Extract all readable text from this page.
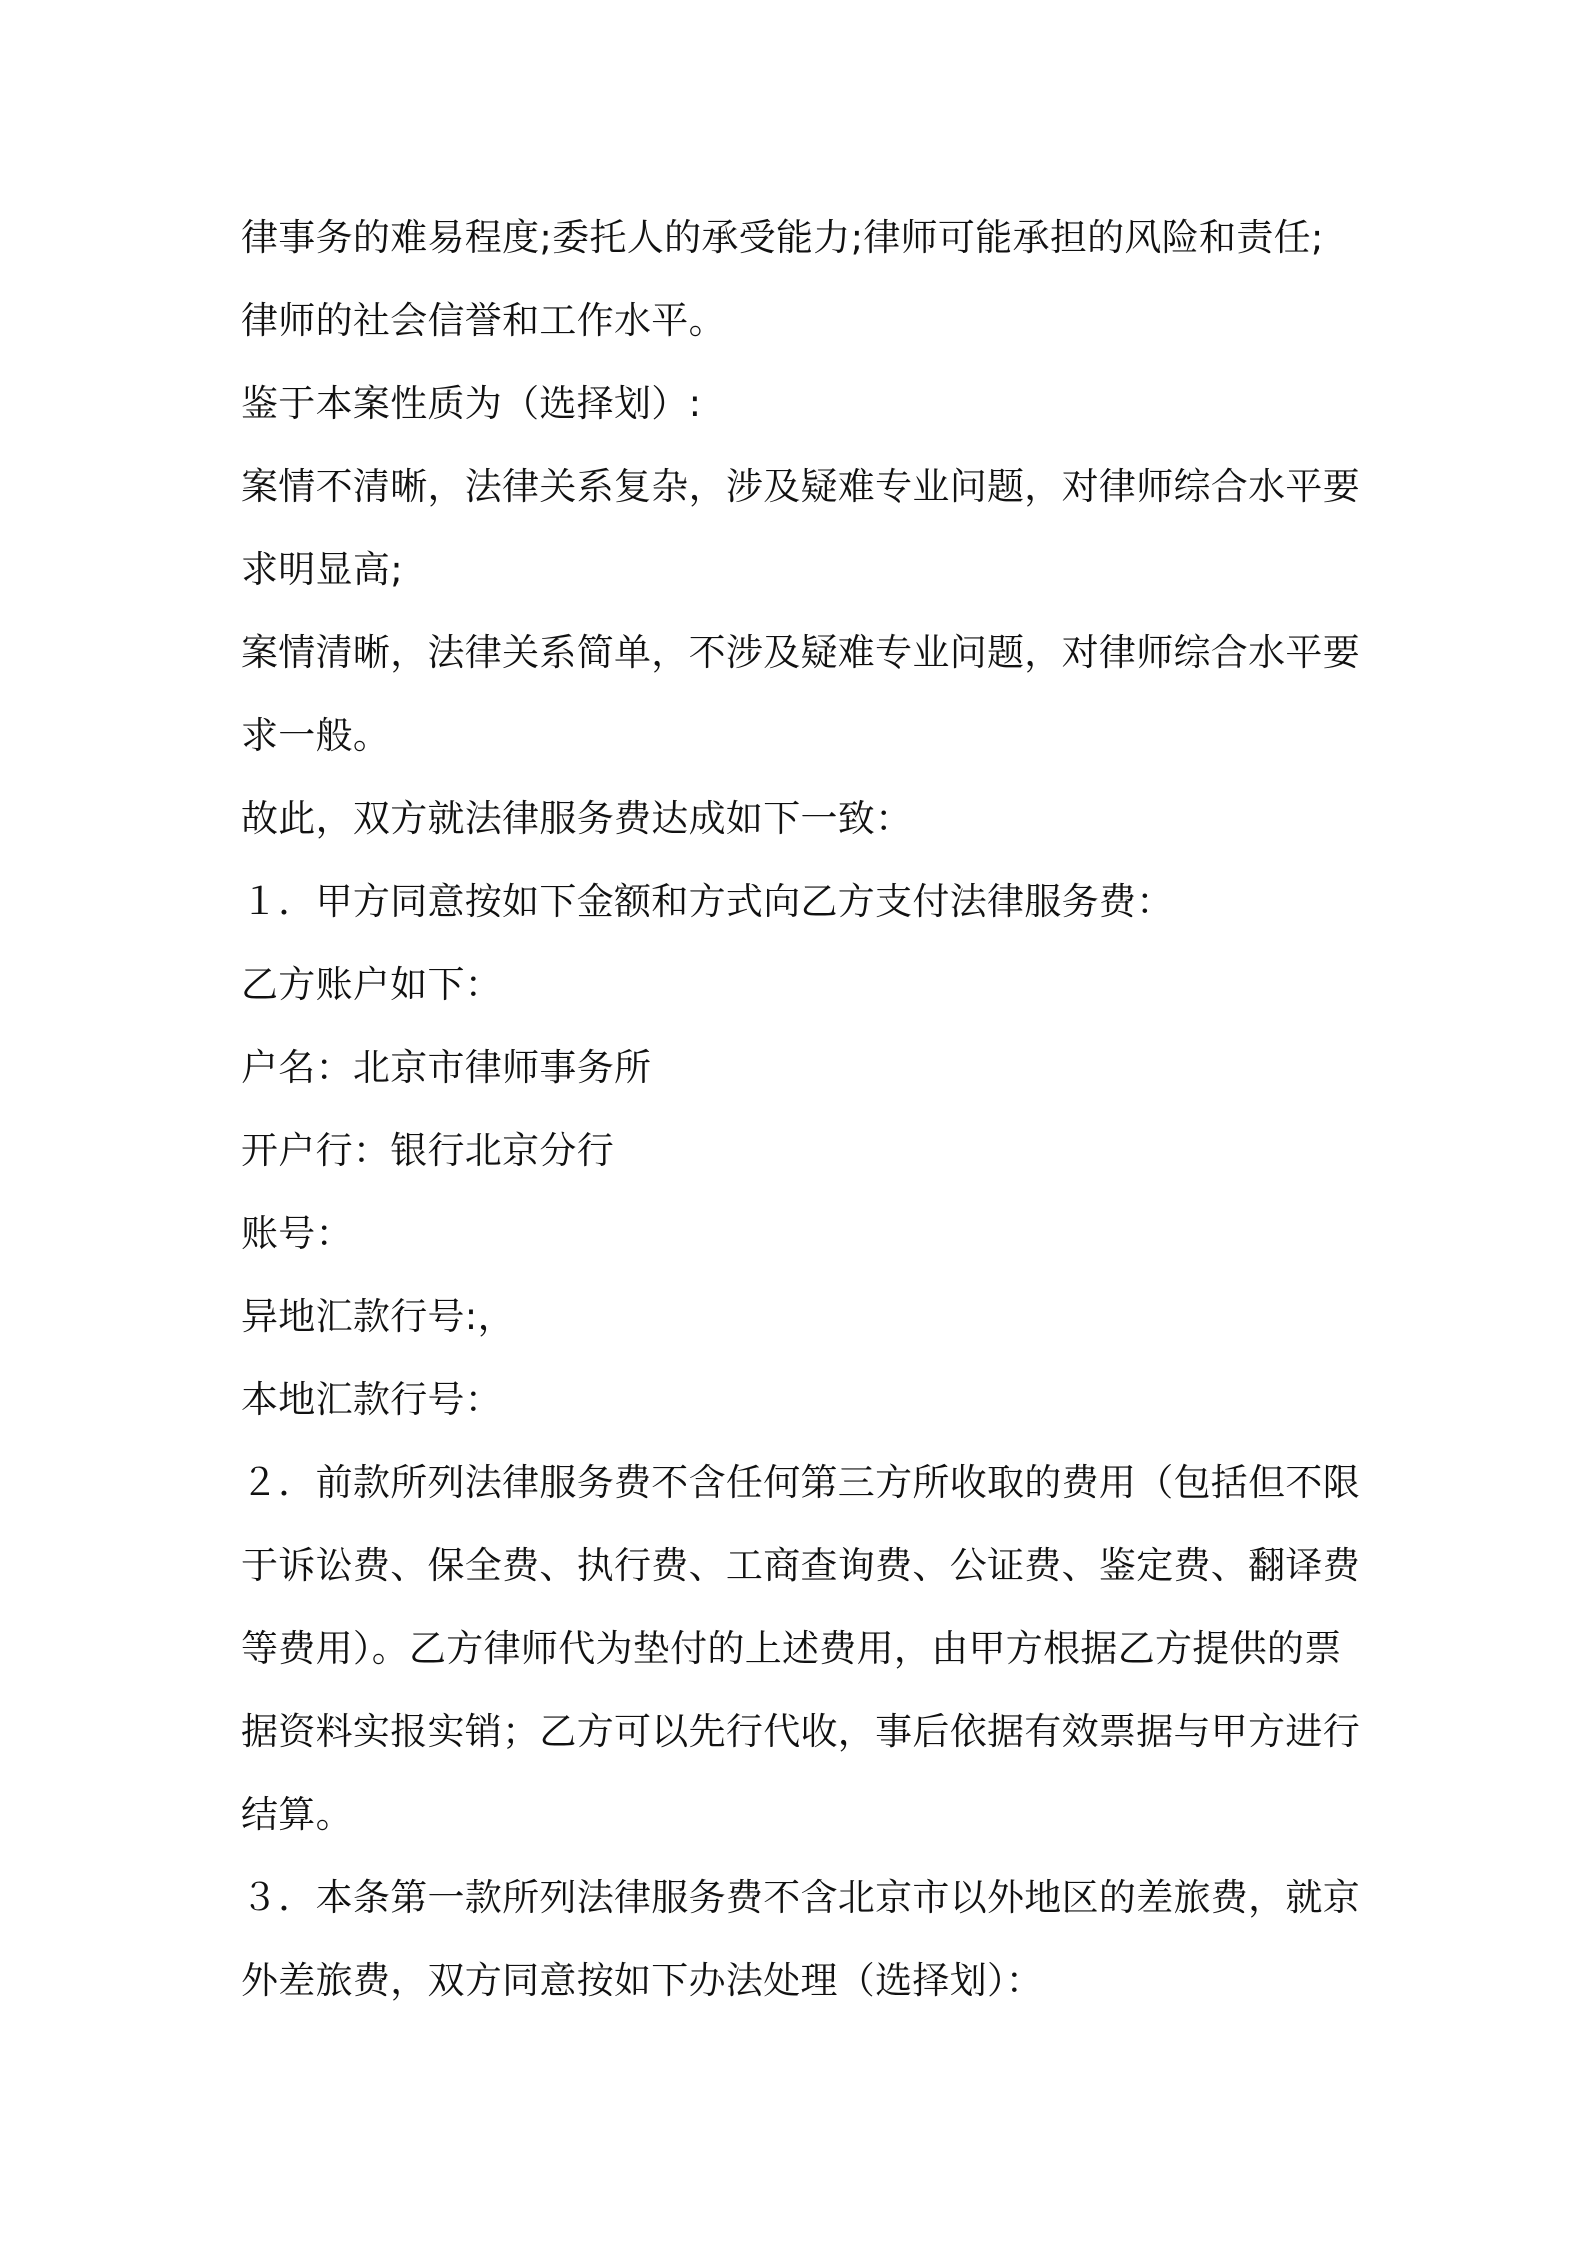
律事务的难易程度;委托人的承受能力;律师可能承担的风险和责任;
律师的社会信誉和工作水平。
鉴于本案性质为（选择划）:
案情不清晰，法律关系复杂，涉及疑难专业问题，对律师综合水平要
求明显高;
案情清晰，法律关系简单，不涉及疑难专业问题，对律师综合水平要
求一般。
故此，双方就法律服务费达成如下一致：
１．甲方同意按如下金额和方式向乙方支付法律服务费：
乙方账户如下：
户名：北京市律师事务所
开户行：银行北京分行
账号：
异地汇款行号:，
本地汇款行号：
２．前款所列法律服务费不含任何第三方所收取的费用（包括但不限
于诉讼费、保全费、执行费、工商查询费、公证费、鉴定费、翻译费
等费用）。乙方律师代为垫付的上述费用，由甲方根据乙方提供的票
据资料实报实销；乙方可以先行代收，事后依据有效票据与甲方进行
结算。
３．本条第一款所列法律服务费不含北京市以外地区的差旅费，就京
外差旅费，双方同意按如下办法处理（选择划）：
